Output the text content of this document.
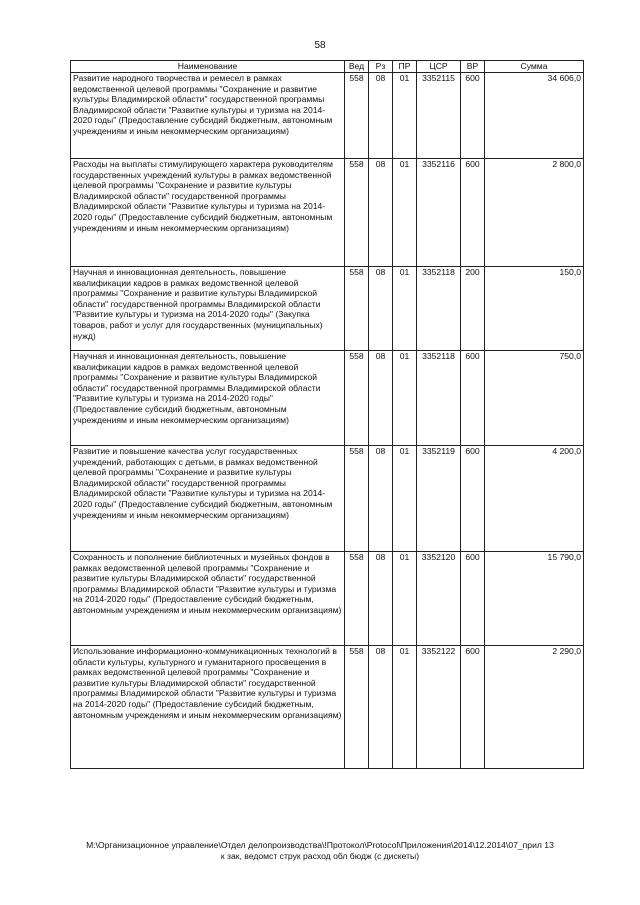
58
Наименование	Вед	Рз	ПР	ЦСР	ВР	Сумма
Развитие народного творчества и ремесел в рамках ведомственной целевой программы "Сохранение и развитие культуры Владимирской области" государственной программы Владимирской области "Развитие культуры и туризма на 2014-2020 годы" (Предоставление субсидий бюджетным, автономным учреждениям и иным некоммерческим организациям)	558	08	01	3352115	600	34 606,0
Расходы на выплаты стимулирующего характера руководителям государственных учреждений культуры в рамках ведомственной целевой программы "Сохранение и развитие культуры Владимирской области" государственной программы Владимирской области "Развитие культуры и туризма на 2014-2020 годы" (Предоставление субсидий бюджетным, автономным учреждениям и иным некоммерческим организациям)	558	08	01	3352116	600	2 800,0
Научная и инновационная деятельность, повышение квалификации кадров в рамках ведомственной целевой программы "Сохранение и развитие культуры Владимирской области" государственной программы Владимирской области "Развитие культуры и туризма на 2014-2020 годы" (Закупка товаров, работ и услуг для государственных (муниципальных) нужд)	558	08	01	3352118	200	150,0
Научная и инновационная деятельность, повышение квалификации кадров в рамках ведомственной целевой программы "Сохранение и развитие культуры Владимирской области" государственной программы Владимирской области "Развитие культуры и туризма на 2014-2020 годы" (Предоставление субсидий бюджетным, автономным учреждениям и иным некоммерческим организациям)	558	08	01	3352118	600	750,0
Развитие и повышение качества услуг государственных учреждений, работающих с детьми, в рамках ведомственной целевой программы "Сохранение и развитие культуры Владимирской области" государственной программы Владимирской области "Развитие культуры и туризма на 2014-2020 годы" (Предоставление субсидий бюджетным, автономным учреждениям и иным некоммерческим организациям)	558	08	01	3352119	600	4 200,0
Сохранность и пополнение библиотечных и музейных фондов в рамках ведомственной целевой программы "Сохранение и развитие культуры Владимирской области" государственной программы Владимирской области "Развитие культуры и туризма на 2014-2020 годы" (Предоставление субсидий бюджетным, автономным учреждениям и иным некоммерческим организациям)	558	08	01	3352120	600	15 790,0
Использование информационно-коммуникационных технологий в области культуры, культурного и гуманитарного просвещения в рамках ведомственной целевой программы "Сохранение и развитие культуры Владимирской области" государственной программы Владимирской области "Развитие культуры и туризма на 2014-2020 годы" (Предоставление субсидий бюджетным, автономным учреждениям и иным некоммерческим организациям)	558	08	01	3352122	600	2 290,0
М:\Организационное управление\Отдел делопроизводства\!Протокол\Protocol\Приложения\2014\12.2014\07_прил 13
к зак, ведомст струк расход обл бюдж (с дискеты)
